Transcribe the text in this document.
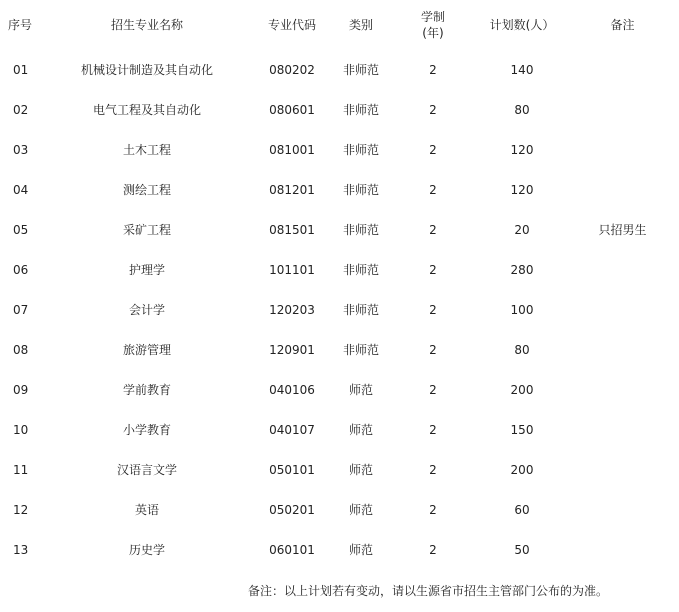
序号	招生专业名称	专业代码	类别	学制
(年)	计划数(人）	备注
01	机械设计制造及其自动化	080202	非师范	2	140	
02	电气工程及其自动化	080601	非师范	2	80	
03	土木工程	081001	非师范	2	120	
04	测绘工程	081201	非师范	2	120	
05	采矿工程	081501	非师范	2	20	只招男生
06	护理学	101101	非师范	2	280	
07	会计学	120203	非师范	2	100	
08	旅游管理	120901	非师范	2	80	
09	学前教育	040106	师范	2	200	
10	小学教育	040107	师范	2	150	
11	汉语言文学	050101	师范	2	200	
12	英语	050201	师范	2	60	
13	历史学	060101	师范	2	50	
备注：以上计划若有变动，请以生源省市招生主管部门公布的为准。
